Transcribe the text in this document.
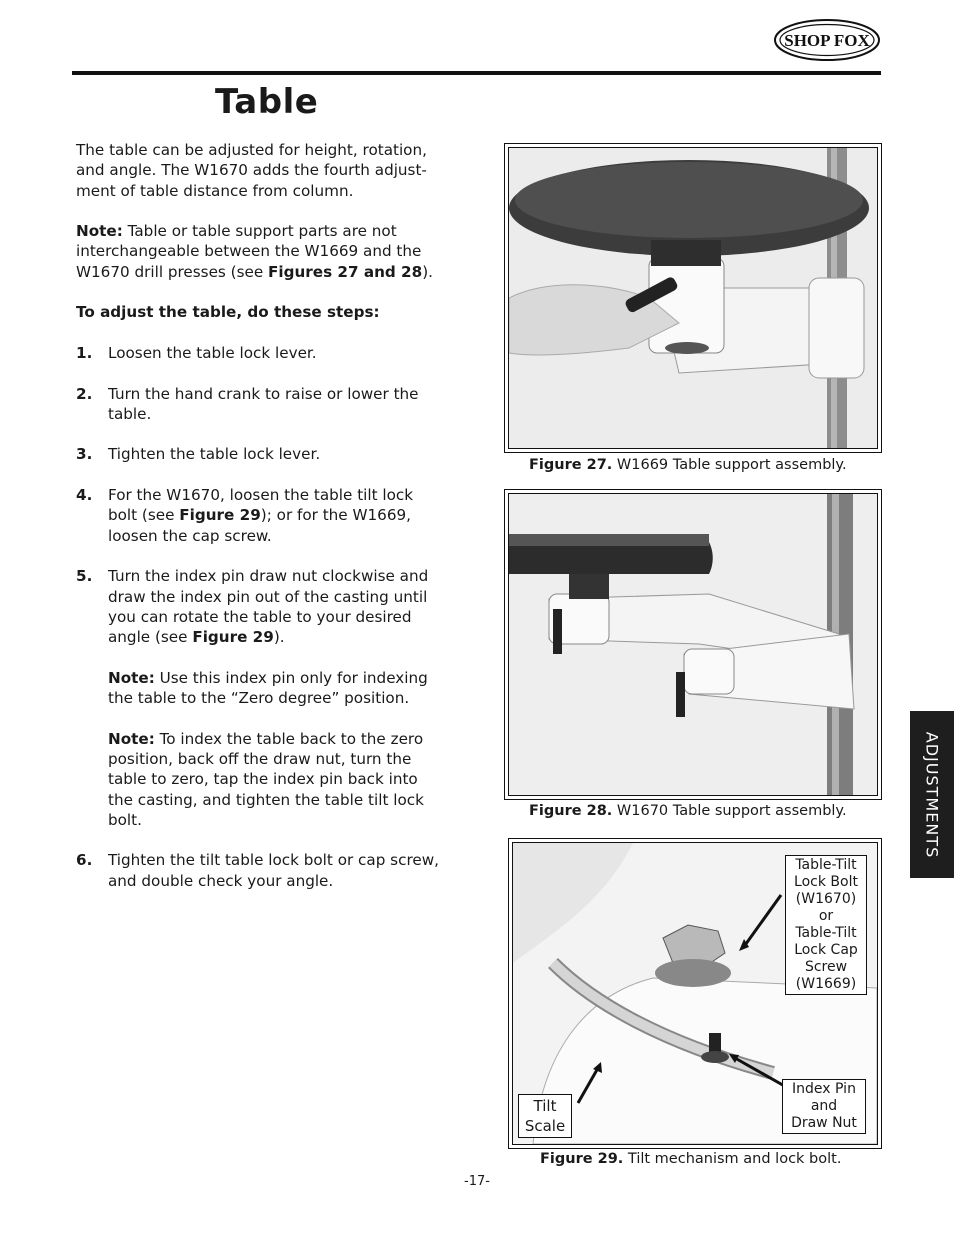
SHOP FOX
Table

The table can be adjusted for height, rotation, and angle. The W1670 adds the fourth adjust-ment of table distance from column.

Note: Table or table support parts are not interchangeable between the W1669 and the W1670 drill presses (see Figures 27 and 28).

To adjust the table, do these steps:

1. Loosen the table lock lever.
2. Turn the hand crank to raise or lower the table.
3. Tighten the table lock lever.
4. For the W1670, loosen the table tilt lock bolt (see Figure 29); or for the W1669, loosen the cap screw.
5. Turn the index pin draw nut clockwise and draw the index pin out of the casting until you can rotate the table to your desired angle (see Figure 29).
Note: Use this index pin only for indexing the table to the “Zero degree” position.
Note: To index the table back to the zero position, back off the draw nut, turn the table to zero, tap the index pin back into the casting, and tighten the table tilt lock bolt.
6. Tighten the tilt table lock bolt or cap screw, and double check your angle.
Figure 27. W1669 Table support assembly.
Figure 28. W1670 Table support assembly.
Table-Tilt
Lock Bolt
(W1670)
or
Table-Tilt
Lock Cap
Screw
(W1669)
Index Pin
and
Draw Nut
Tilt
Scale
Figure 29. Tilt mechanism and lock bolt.
ADJUSTMENTS
-17-
